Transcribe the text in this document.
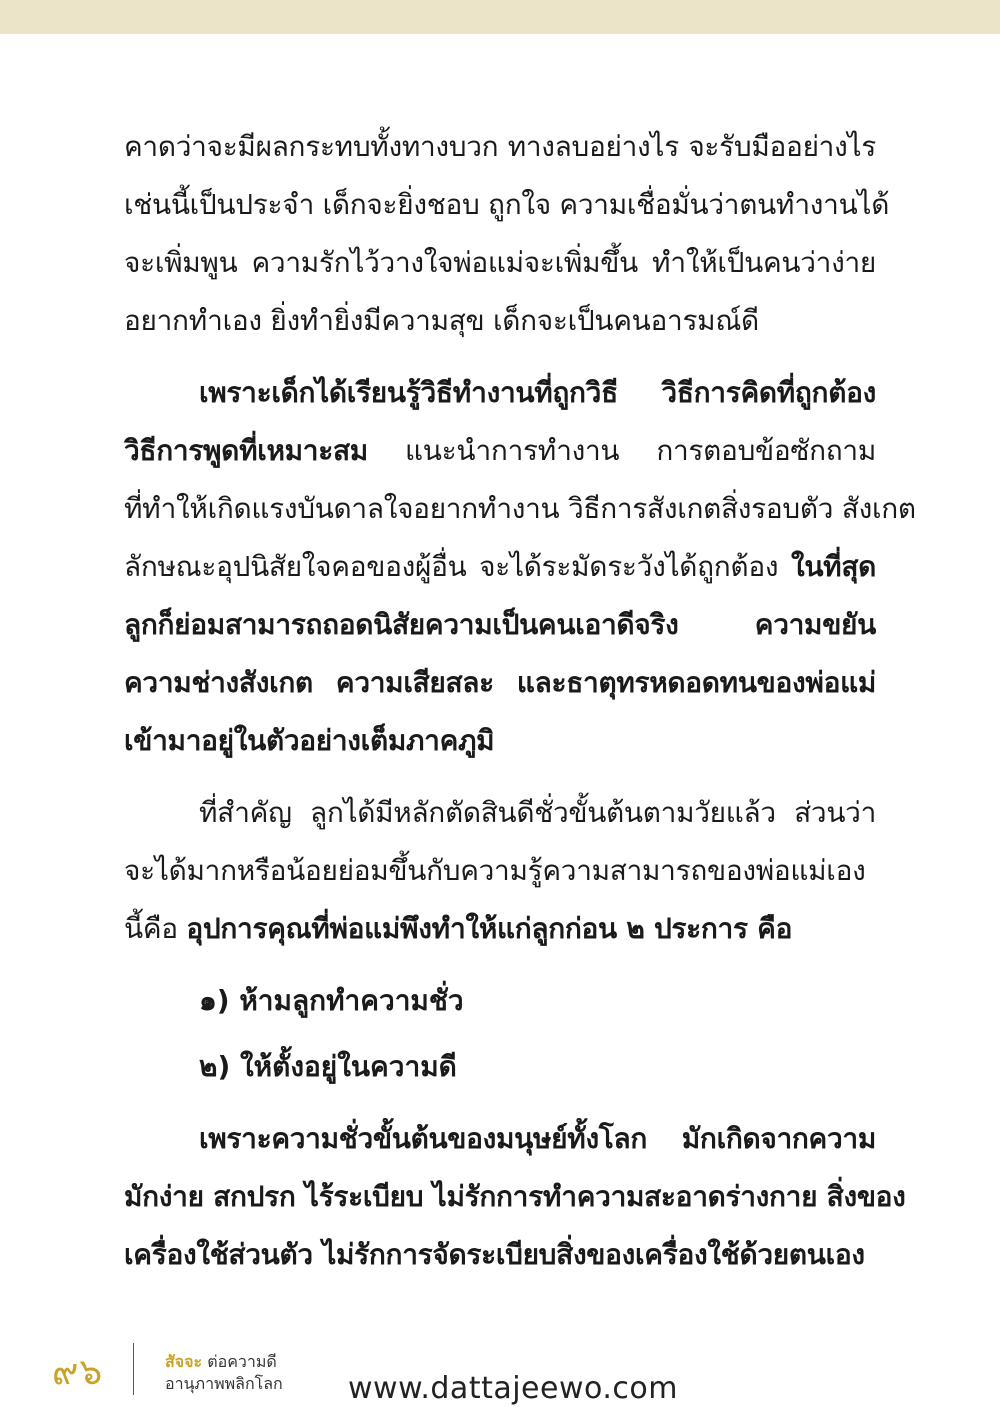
คาดว่าจะมีผลกระทบทั้งทางบวก ทางลบอย่างไร จะรับมืออย่างไร
เช่นนี้เป็นประจำ เด็กจะยิ่งชอบ ถูกใจ ความเชื่อมั่นว่าตนทำงานได้
จะเพิ่มพูน ความรักไว้วางใจพ่อแม่จะเพิ่มขึ้น ทำให้เป็นคนว่าง่าย
อยากทำเอง ยิ่งทำยิ่งมีความสุข เด็กจะเป็นคนอารมณ์ดี
เพราะเด็กได้เรียนรู้วิธีทำงานที่ถูกวิธี วิธีการคิดที่ถูกต้อง
วิธีการพูดที่เหมาะสม แนะนำการทำงาน การตอบข้อซักถาม
ที่ทำให้เกิดแรงบันดาลใจอยากทำงาน วิธีการสังเกตสิ่งรอบตัว สังเกต
ลักษณะอุปนิสัยใจคอของผู้อื่น จะได้ระมัดระวังได้ถูกต้อง ในที่สุด
ลูกก็ย่อมสามารถถอดนิสัยความเป็นคนเอาดีจริง ความขยัน
ความช่างสังเกต ความเสียสละ และธาตุทรหดอดทนของพ่อแม่
เข้ามาอยู่ในตัวอย่างเต็มภาคภูมิ
ที่สำคัญ ลูกได้มีหลักตัดสินดีชั่วขั้นต้นตามวัยแล้ว ส่วนว่า
จะได้มากหรือน้อยย่อมขึ้นกับความรู้ความสามารถของพ่อแม่เอง
นี้คือ อุปการคุณที่พ่อแม่พึงทำให้แก่ลูกก่อน ๒ ประการ คือ
๑) ห้ามลูกทำความชั่ว
๒) ให้ตั้งอยู่ในความดี
เพราะความชั่วขั้นต้นของมนุษย์ทั้งโลก มักเกิดจากความ
มักง่าย สกปรก ไร้ระเบียบ ไม่รักการทำความสะอาดร่างกาย สิ่งของ
เครื่องใช้ส่วนตัว ไม่รักการจัดระเบียบสิ่งของเครื่องใช้ด้วยตนเอง
๙๖	สัจจะ ต่อความดี
อานุภาพพลิกโลก www.dattajeewo.com
